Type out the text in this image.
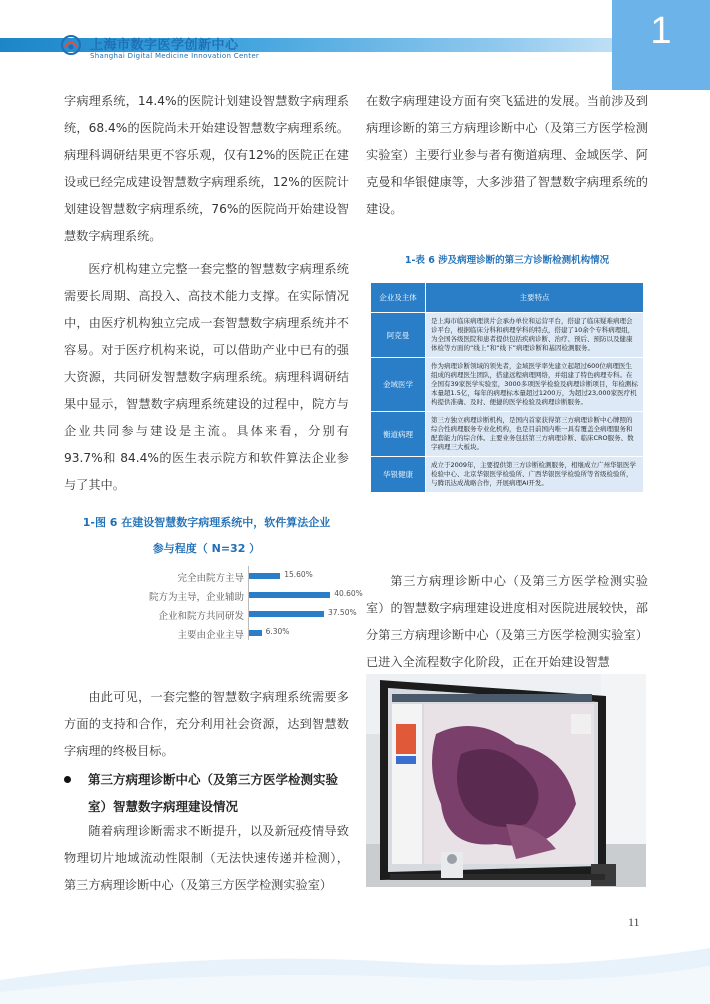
上海市数字医学创新中心
Shanghai Digital Medicine Innovation Center
1

字病理系统，14.4%的医院计划建设智慧数字病理系统，68.4%的医院尚未开始建设智慧数字病理系统。病理科调研结果更不容乐观，仅有12%的医院正在建设或已经完成建设智慧数字病理系统，12%的医院计划建设智慧数字病理系统，76%的医院尚开始建设智慧数字病理系统。

医疗机构建立完整一套完整的智慧数字病理系统需要长周期、高投入、高技术能力支撑。在实际情况中，由医疗机构独立完成一套智慧数字病理系统并不容易。对于医疗机构来说，可以借助产业中已有的强大资源，共同研发智慧数字病理系统。病理科调研结果中显示，智慧数字病理系统建设的过程中，院方与企业共同参与建设是主流。具体来看，分别有 93.7%和 84.4%的医生表示院方和软件算法企业参与了其中。

1-图 6 在建设智慧数字病理系统中，软件算法企业
参与程度（ N=32 ）
完全由院方主导	15.60%
院方为主导，企业辅助	40.60%
企业和院方共同研发	37.50%
主要由企业主导	6.30%

由此可见，一套完整的智慧数字病理系统需要多方面的支持和合作，充分利用社会资源，达到智慧数字病理的终极目标。

第三方病理诊断中心（及第三方医学检测实验室）智慧数字病理建设情况

随着病理诊断需求不断提升，以及新冠疫情导致物理切片地域流动性限制（无法快速传递并检测），第三方病理诊断中心（及第三方医学检测实验室）

在数字病理建设方面有突飞猛进的发展。当前涉及到病理诊断的第三方病理诊断中心（及第三方医学检测实验室）主要行业参与者有衡道病理、金域医学、阿克曼和华银健康等，大多涉猎了智慧数字病理系统的建设。

1-表 6 涉及病理诊断的第三方诊断检测机构情况
企业及主体	主要特点
阿克曼	是上海市临床病理读片会承办单位和运营平台，搭建了临床疑难病理会诊平台，根据临床分科和病理学科的特点，搭建了10余个专科病理组，为全国各级医院和患者提供包括疾病诊断、治疗、预后、预防以及健康体检等方面的“线上”和“线下”病理诊断和基因检测服务。
金域医学	作为病理诊断领域的领先者，金域医学率先建立起超过600位病理医生组成的病理医生团队，搭建远程病理网络，并组建了特色病理专科。在全国有39家医学实验室，3000多项医学检验及病理诊断项目，年检测标本量超1.5亿，每年的病理标本量超过1200万，为超过23,000家医疗机构提供准确、及时、便捷的医学检验及病理诊断服务。
衡道病理	第三方独立病理诊断机构，是国内首家获得第三方病理诊断中心牌照的综合性病理服务专业化机构，也是目前国内唯一具有覆盖全病理服务和配套能力的综合体。主要业务包括第三方病理诊断、临床CRO服务、数字病理三大板块。
华银健康	成立于2009年，主要提供第三方诊断检测服务，相继成立广州华银医学检验中心、北京华银医学检验所、广西华银医学检验所等省级检验所，与腾讯达成战略合作，开展病理AI开发。

第三方病理诊断中心（及第三方医学检测实验室）的智慧数字病理建设进度相对医院进展较快，部分第三方病理诊断中心（及第三方医学检测实验室）已进入全流程数字化阶段，正在开始建设智慧

11
